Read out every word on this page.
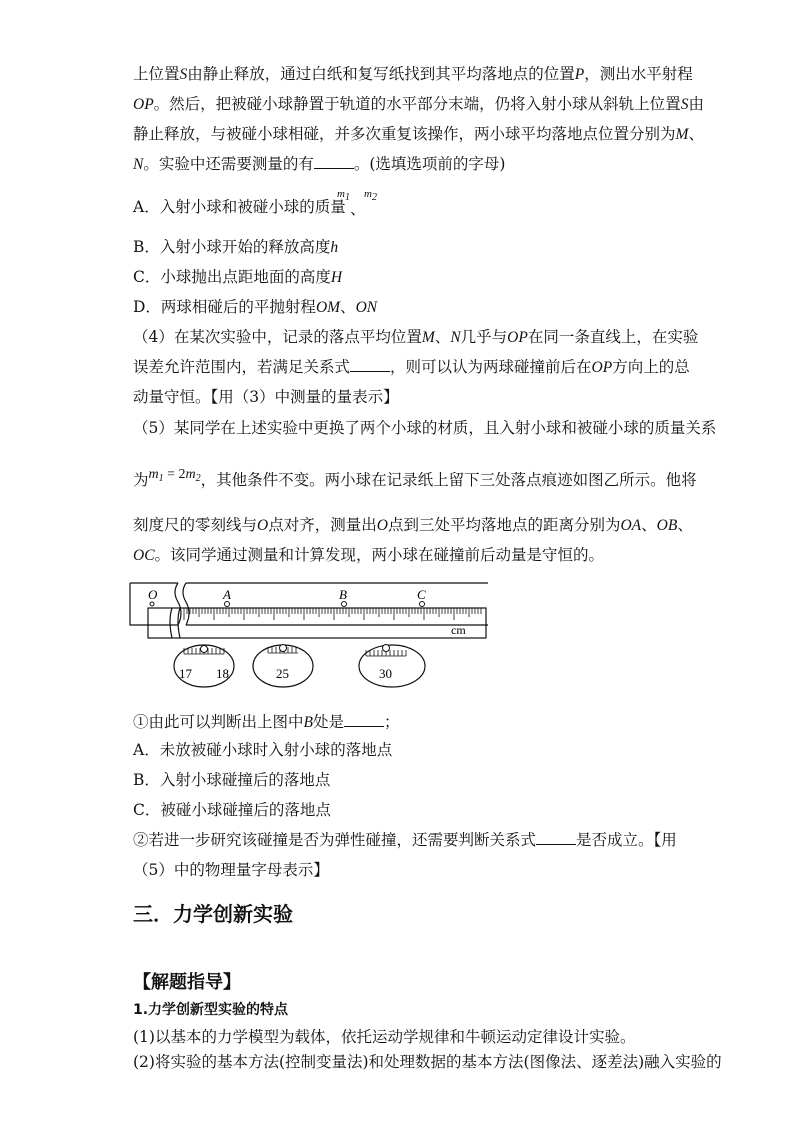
上位置S由静止释放，通过白纸和复写纸找到其平均落地点的位置P，测出水平射程
OP。然后，把被碰小球静置于轨道的水平部分末端，仍将入射小球从斜轨上位置S由
静止释放，与被碰小球相碰，并多次重复该操作，两小球平均落地点位置分别为M、
N。实验中还需要测量的有	。(选填选项前的字母)
A．入射小球和被碰小球的质量
m1
、
m2
B．入射小球开始的释放高度h
C．小球抛出点距地面的高度H
D．两球相碰后的平抛射程OM、ON
（4）在某次实验中，记录的落点平均位置M、N几乎与OP在同一条直线上，在实验
误差允许范围内，若满足关系式	，则可以认为两球碰撞前后在OP方向上的总
动量守恒。【用（3）中测量的量表示】
（5）某同学在上述实验中更换了两个小球的材质，且入射小球和被碰小球的质量关系
为$m_1 = 2m_2$，其他条件不变。两小球在记录纸上留下三处落点痕迹如图乙所示。他将
刻度尺的零刻线与O点对齐，测量出O点到三处平均落地点的距离分别为OA、OB、
OC。该同学通过测量和计算发现，两小球在碰撞前后动量是守恒的。
O	A	B	C
cm
17 18	25	30
①由此可以判断出上图中B处是	；
A．未放被碰小球时入射小球的落地点
B．入射小球碰撞后的落地点
C．被碰小球碰撞后的落地点
②若进一步研究该碰撞是否为弹性碰撞，还需要判断关系式	是否成立。【用
（5）中的物理量字母表示】
三．力学创新实验
【解题指导】
1.力学创新型实验的特点
(1)以基本的力学模型为载体，依托运动学规律和牛顿运动定律设计实验。
(2)将实验的基本方法(控制变量法)和处理数据的基本方法(图像法、逐差法)融入实验的
